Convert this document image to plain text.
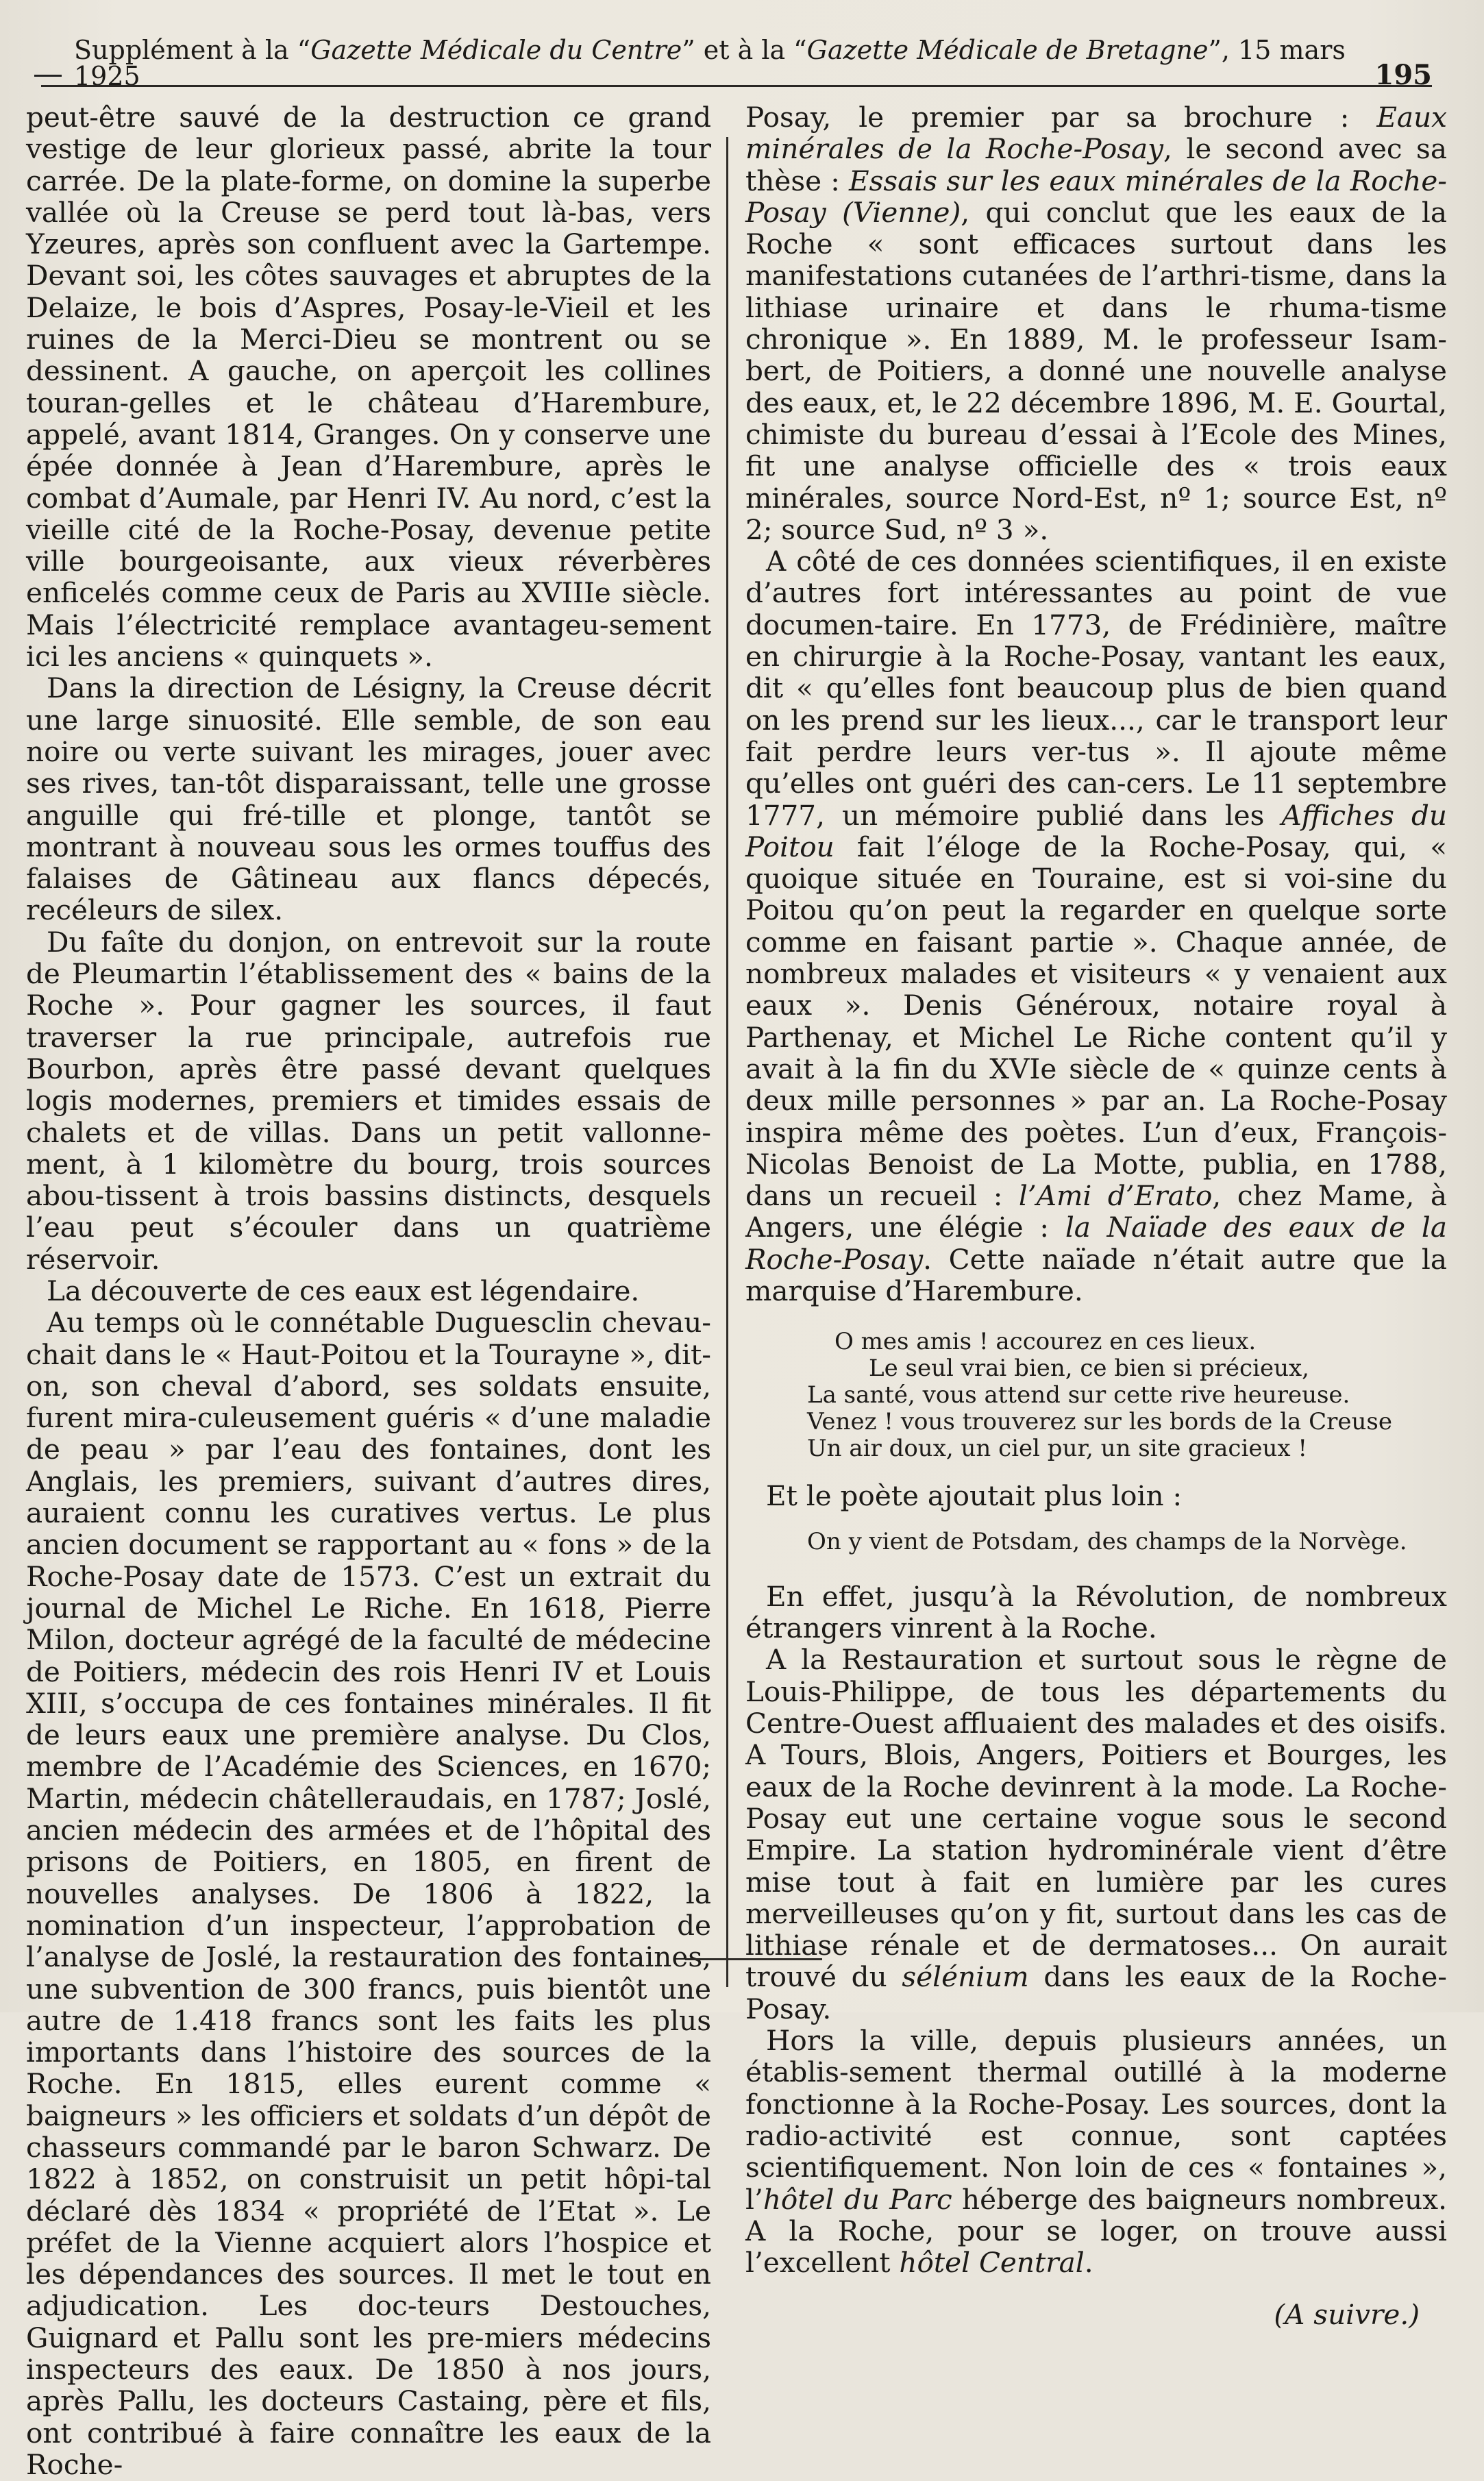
Supplément à la “Gazette Médicale du Centre” et à la “Gazette Médicale de Bretagne”, 15 mars 1925	195

peut-être sauvé de la destruction ce grand vestige de leur glorieux passé, abrite la tour carrée. De la plate-forme, on domine la superbe vallée où la Creuse se perd tout là-bas, vers Yzeures, après son confluent avec la Gartempe. Devant soi, les côtes sauvages et abruptes de la Delaize, le bois d’Aspres, Posay-le-Vieil et les ruines de la Merci-Dieu se montrent ou se dessinent. A gauche, on aperçoit les collines touran-gelles et le château d’Harembure, appelé, avant 1814, Granges. On y conserve une épée donnée à Jean d’Harembure, après le combat d’Aumale, par Henri IV. Au nord, c’est la vieille cité de la Roche-Posay, devenue petite ville bourgeoisante, aux vieux réverbères enficelés comme ceux de Paris au XVIIIe siècle. Mais l’électricité remplace avantageu-sement ici les anciens « quinquets ».

Dans la direction de Lésigny, la Creuse décrit une large sinuosité. Elle semble, de son eau noire ou verte suivant les mirages, jouer avec ses rives, tan-tôt disparaissant, telle une grosse anguille qui fré-tille et plonge, tantôt se montrant à nouveau sous les ormes touffus des falaises de Gâtineau aux flancs dépecés, recéleurs de silex.

Du faîte du donjon, on entrevoit sur la route de Pleumartin l’établissement des « bains de la Roche ». Pour gagner les sources, il faut traverser la rue principale, autrefois rue Bourbon, après être passé devant quelques logis modernes, premiers et timides essais de chalets et de villas. Dans un petit vallonne-ment, à 1 kilomètre du bourg, trois sources abou-tissent à trois bassins distincts, desquels l’eau peut s’écouler dans un quatrième réservoir.

La découverte de ces eaux est légendaire.

Au temps où le connétable Duguesclin chevau-chait dans le « Haut-Poitou et la Tourayne », dit-on, son cheval d’abord, ses soldats ensuite, furent mira-culeusement guéris « d’une maladie de peau » par l’eau des fontaines, dont les Anglais, les premiers, suivant d’autres dires, auraient connu les curatives vertus. Le plus ancien document se rapportant au « fons » de la Roche-Posay date de 1573. C’est un extrait du journal de Michel Le Riche. En 1618, Pierre Milon, docteur agrégé de la faculté de médecine de Poitiers, médecin des rois Henri IV et Louis XIII, s’occupa de ces fontaines minérales. Il fit de leurs eaux une première analyse. Du Clos, membre de l’Académie des Sciences, en 1670; Martin, médecin châtelleraudais, en 1787; Joslé, ancien médecin des armées et de l’hôpital des prisons de Poitiers, en 1805, en firent de nouvelles analyses. De 1806 à 1822, la nomination d’un inspecteur, l’approbation de l’analyse de Joslé, la restauration des fontaines, une subvention de 300 francs, puis bientôt une autre de 1.418 francs sont les faits les plus importants dans l’histoire des sources de la Roche. En 1815, elles eurent comme « baigneurs » les officiers et soldats d’un dépôt de chasseurs commandé par le baron Schwarz. De 1822 à 1852, on construisit un petit hôpi-tal déclaré dès 1834 « propriété de l’Etat ». Le préfet de la Vienne acquiert alors l’hospice et les dépendances des sources. Il met le tout en adjudication. Les doc-teurs Destouches, Guignard et Pallu sont les pre-miers médecins inspecteurs des eaux. De 1850 à nos jours, après Pallu, les docteurs Castaing, père et fils, ont contribué à faire connaître les eaux de la Roche-

Posay, le premier par sa brochure : Eaux minérales de la Roche-Posay, le second avec sa thèse : Essais sur les eaux minérales de la Roche-Posay (Vienne), qui conclut que les eaux de la Roche « sont efficaces surtout dans les manifestations cutanées de l’arthri-tisme, dans la lithiase urinaire et dans le rhuma-tisme chronique ». En 1889, M. le professeur Isam-bert, de Poitiers, a donné une nouvelle analyse des eaux, et, le 22 décembre 1896, M. E. Gourtal, chimiste du bureau d’essai à l’Ecole des Mines, fit une analyse officielle des « trois eaux minérales, source Nord-Est, nº 1; source Est, nº 2; source Sud, nº 3 ».

A côté de ces données scientifiques, il en existe d’autres fort intéressantes au point de vue documen-taire. En 1773, de Frédinière, maître en chirurgie à la Roche-Posay, vantant les eaux, dit « qu’elles font beaucoup plus de bien quand on les prend sur les lieux..., car le transport leur fait perdre leurs ver-tus ». Il ajoute même qu’elles ont guéri des can-cers. Le 11 septembre 1777, un mémoire publié dans les Affiches du Poitou fait l’éloge de la Roche-Posay, qui, « quoique située en Touraine, est si voi-sine du Poitou qu’on peut la regarder en quelque sorte comme en faisant partie ». Chaque année, de nombreux malades et visiteurs « y venaient aux eaux ». Denis Généroux, notaire royal à Parthenay, et Michel Le Riche content qu’il y avait à la fin du XVIe siècle de « quinze cents à deux mille personnes » par an. La Roche-Posay inspira même des poètes. L’un d’eux, François-Nicolas Benoist de La Motte, publia, en 1788, dans un recueil : l’Ami d’Erato, chez Mame, à Angers, une élégie : la Naïade des eaux de la Roche-Posay. Cette naïade n’était autre que la marquise d’Harembure.

O mes amis ! accourez en ces lieux.
Le seul vrai bien, ce bien si précieux,
La santé, vous attend sur cette rive heureuse.
Venez ! vous trouverez sur les bords de la Creuse
Un air doux, un ciel pur, un site gracieux !

Et le poète ajoutait plus loin :

On y vient de Potsdam, des champs de la Norvège.

En effet, jusqu’à la Révolution, de nombreux étrangers vinrent à la Roche.

A la Restauration et surtout sous le règne de Louis-Philippe, de tous les départements du Centre-Ouest affluaient des malades et des oisifs. A Tours, Blois, Angers, Poitiers et Bourges, les eaux de la Roche devinrent à la mode. La Roche-Posay eut une certaine vogue sous le second Empire. La station hydrominérale vient d’être mise tout à fait en lumière par les cures merveilleuses qu’on y fit, surtout dans les cas de lithiase rénale et de dermatoses... On aurait trouvé du sélénium dans les eaux de la Roche-Posay.

Hors la ville, depuis plusieurs années, un établis-sement thermal outillé à la moderne fonctionne à la Roche-Posay. Les sources, dont la radio-activité est connue, sont captées scientifiquement. Non loin de ces « fontaines », l’hôtel du Parc héberge des baigneurs nombreux. A la Roche, pour se loger, on trouve aussi l’excellent hôtel Central.

(A suivre.)
